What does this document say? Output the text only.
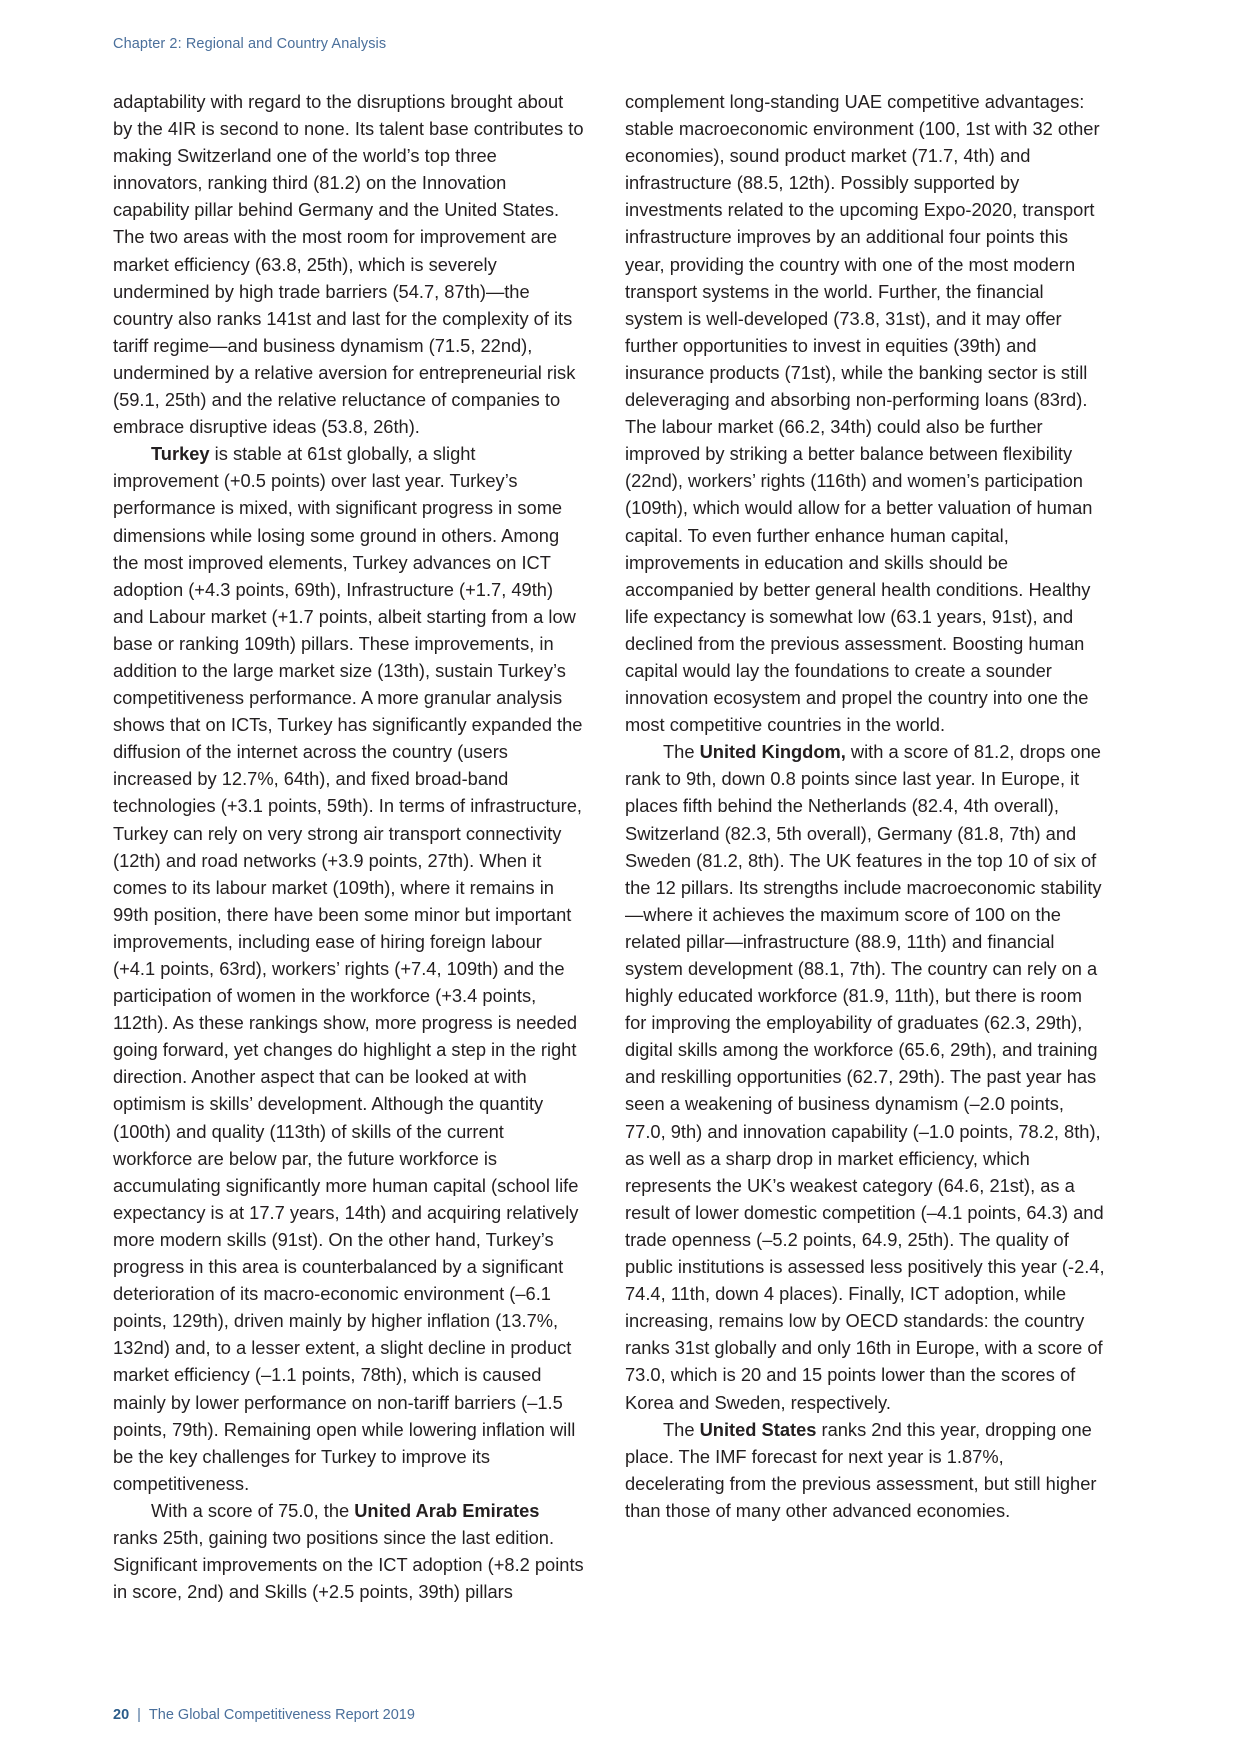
Chapter 2: Regional and Country Analysis

adaptability with regard to the disruptions brought about by the 4IR is second to none. Its talent base contributes to making Switzerland one of the world’s top three innovators, ranking third (81.2) on the Innovation capability pillar behind Germany and the United States. The two areas with the most room for improvement are market efficiency (63.8, 25th), which is severely undermined by high trade barriers (54.7, 87th)—the country also ranks 141st and last for the complexity of its tariff regime—and business dynamism (71.5, 22nd), undermined by a relative aversion for entrepreneurial risk (59.1, 25th) and the relative reluctance of companies to embrace disruptive ideas (53.8, 26th).

Turkey is stable at 61st globally, a slight improvement (+0.5 points) over last year. Turkey’s performance is mixed, with significant progress in some dimensions while losing some ground in others. Among the most improved elements, Turkey advances on ICT adoption (+4.3 points, 69th), Infrastructure (+1.7, 49th) and Labour market (+1.7 points, albeit starting from a low base or ranking 109th) pillars. These improvements, in addition to the large market size (13th), sustain Turkey’s competitiveness performance. A more granular analysis shows that on ICTs, Turkey has significantly expanded the diffusion of the internet across the country (users increased by 12.7%, 64th), and fixed broad-band technologies (+3.1 points, 59th). In terms of infrastructure, Turkey can rely on very strong air transport connectivity (12th) and road networks (+3.9 points, 27th). When it comes to its labour market (109th), where it remains in 99th position, there have been some minor but important improvements, including ease of hiring foreign labour (+4.1 points, 63rd), workers’ rights (+7.4, 109th) and the participation of women in the workforce (+3.4 points, 112th). As these rankings show, more progress is needed going forward, yet changes do highlight a step in the right direction. Another aspect that can be looked at with optimism is skills’ development. Although the quantity (100th) and quality (113th) of skills of the current workforce are below par, the future workforce is accumulating significantly more human capital (school life expectancy is at 17.7 years, 14th) and acquiring relatively more modern skills (91st). On the other hand, Turkey’s progress in this area is counterbalanced by a significant deterioration of its macro-economic environment (–6.1 points, 129th), driven mainly by higher inflation (13.7%, 132nd) and, to a lesser extent, a slight decline in product market efficiency (–1.1 points, 78th), which is caused mainly by lower performance on non-tariff barriers (–1.5 points, 79th). Remaining open while lowering inflation will be the key challenges for Turkey to improve its competitiveness.

With a score of 75.0, the United Arab Emirates ranks 25th, gaining two positions since the last edition. Significant improvements on the ICT adoption (+8.2 points in score, 2nd) and Skills (+2.5 points, 39th) pillars

complement long-standing UAE competitive advantages: stable macroeconomic environment (100, 1st with 32 other economies), sound product market (71.7, 4th) and infrastructure (88.5, 12th). Possibly supported by investments related to the upcoming Expo-2020, transport infrastructure improves by an additional four points this year, providing the country with one of the most modern transport systems in the world. Further, the financial system is well-developed (73.8, 31st), and it may offer further opportunities to invest in equities (39th) and insurance products (71st), while the banking sector is still deleveraging and absorbing non-performing loans (83rd). The labour market (66.2, 34th) could also be further improved by striking a better balance between flexibility (22nd), workers’ rights (116th) and women’s participation (109th), which would allow for a better valuation of human capital. To even further enhance human capital, improvements in education and skills should be accompanied by better general health conditions. Healthy life expectancy is somewhat low (63.1 years, 91st), and declined from the previous assessment. Boosting human capital would lay the foundations to create a sounder innovation ecosystem and propel the country into one the most competitive countries in the world.

The United Kingdom, with a score of 81.2, drops one rank to 9th, down 0.8 points since last year. In Europe, it places fifth behind the Netherlands (82.4, 4th overall), Switzerland (82.3, 5th overall), Germany (81.8, 7th) and Sweden (81.2, 8th). The UK features in the top 10 of six of the 12 pillars. Its strengths include macroeconomic stability—where it achieves the maximum score of 100 on the related pillar—infrastructure (88.9, 11th) and financial system development (88.1, 7th). The country can rely on a highly educated workforce (81.9, 11th), but there is room for improving the employability of graduates (62.3, 29th), digital skills among the workforce (65.6, 29th), and training and reskilling opportunities (62.7, 29th). The past year has seen a weakening of business dynamism (–2.0 points, 77.0, 9th) and innovation capability (–1.0 points, 78.2, 8th), as well as a sharp drop in market efficiency, which represents the UK’s weakest category (64.6, 21st), as a result of lower domestic competition (–4.1 points, 64.3) and trade openness (–5.2 points, 64.9, 25th). The quality of public institutions is assessed less positively this year (-2.4, 74.4, 11th, down 4 places). Finally, ICT adoption, while increasing, remains low by OECD standards: the country ranks 31st globally and only 16th in Europe, with a score of 73.0, which is 20 and 15 points lower than the scores of Korea and Sweden, respectively.

The United States ranks 2nd this year, dropping one place. The IMF forecast for next year is 1.87%, decelerating from the previous assessment, but still higher than those of many other advanced economies.

20 | The Global Competitiveness Report 2019
